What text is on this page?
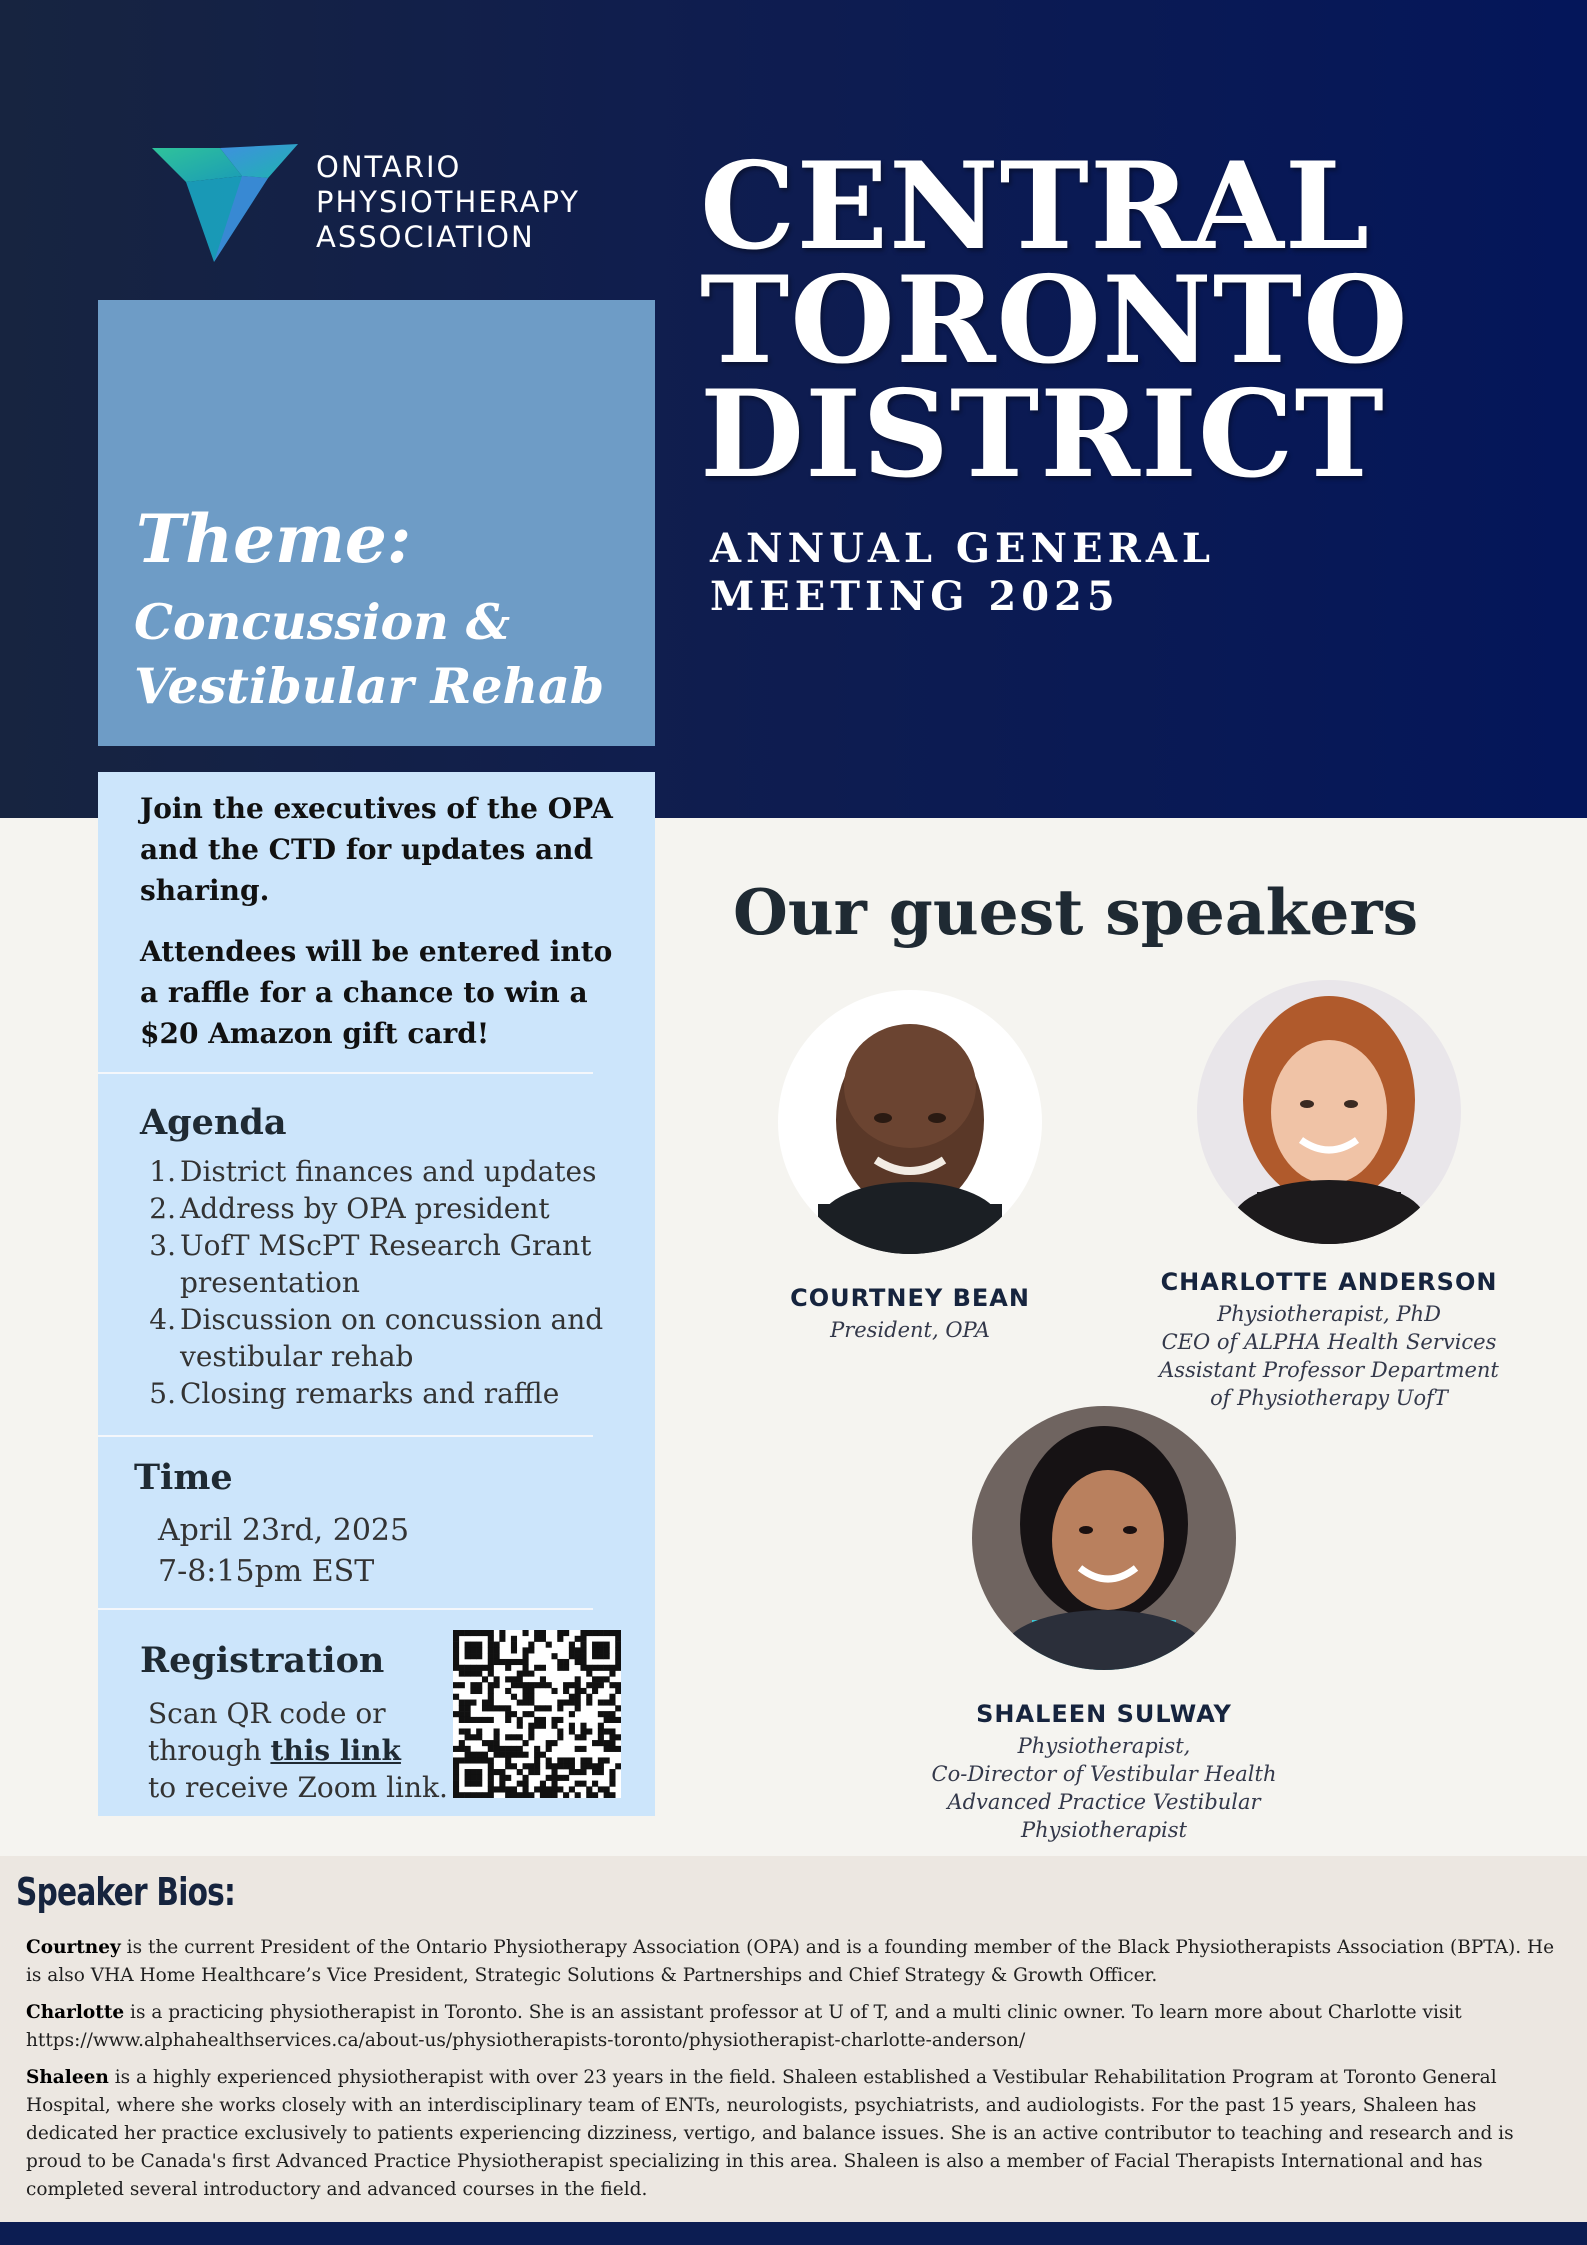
ONTARIO
PHYSIOTHERAPY
ASSOCIATION
Theme:
Concussion &
Vestibular Rehab
CENTRAL
TORONTO
DISTRICT
ANNUAL GENERAL MEETING 2025

Join the executives of the OPA and the CTD for updates and sharing.

Attendees will be entered into a raffle for a chance to win a $20 Amazon gift card!

Agenda
1. District finances and updates
2. Address by OPA president
3. UofT MScPT Research Grant presentation
4. Discussion on concussion and vestibular rehab
5. Closing remarks and raffle
Time
April 23rd, 2025
7-8:15pm EST
Registration
Scan QR code or
through this link
to receive Zoom link.
Our guest speakers
COURTNEY BEAN
President, OPA
CHARLOTTE ANDERSON
Physiotherapist, PhD
CEO of ALPHA Health Services
Assistant Professor Department
of Physiotherapy UofT
SHALEEN SULWAY
Physiotherapist,
Co-Director of Vestibular Health
Advanced Practice Vestibular
Physiotherapist
Speaker Bios:
Courtney is the current President of the Ontario Physiotherapy Association (OPA) and is a founding member of the Black Physiotherapists Association (BPTA). He is also VHA Home Healthcare’s Vice President, Strategic Solutions & Partnerships and Chief Strategy & Growth Officer.
Charlotte is a practicing physiotherapist in Toronto. She is an assistant professor at U of T, and a multi clinic owner. To learn more about Charlotte visit https://www.alphahealthservices.ca/about-us/physiotherapists-toronto/physiotherapist-charlotte-anderson/
Shaleen is a highly experienced physiotherapist with over 23 years in the field. Shaleen established a Vestibular Rehabilitation Program at Toronto General Hospital, where she works closely with an interdisciplinary team of ENTs, neurologists, psychiatrists, and audiologists. For the past 15 years, Shaleen has dedicated her practice exclusively to patients experiencing dizziness, vertigo, and balance issues. She is an active contributor to teaching and research and is proud to be Canada's first Advanced Practice Physiotherapist specializing in this area. Shaleen is also a member of Facial Therapists International and has completed several introductory and advanced courses in the field.
